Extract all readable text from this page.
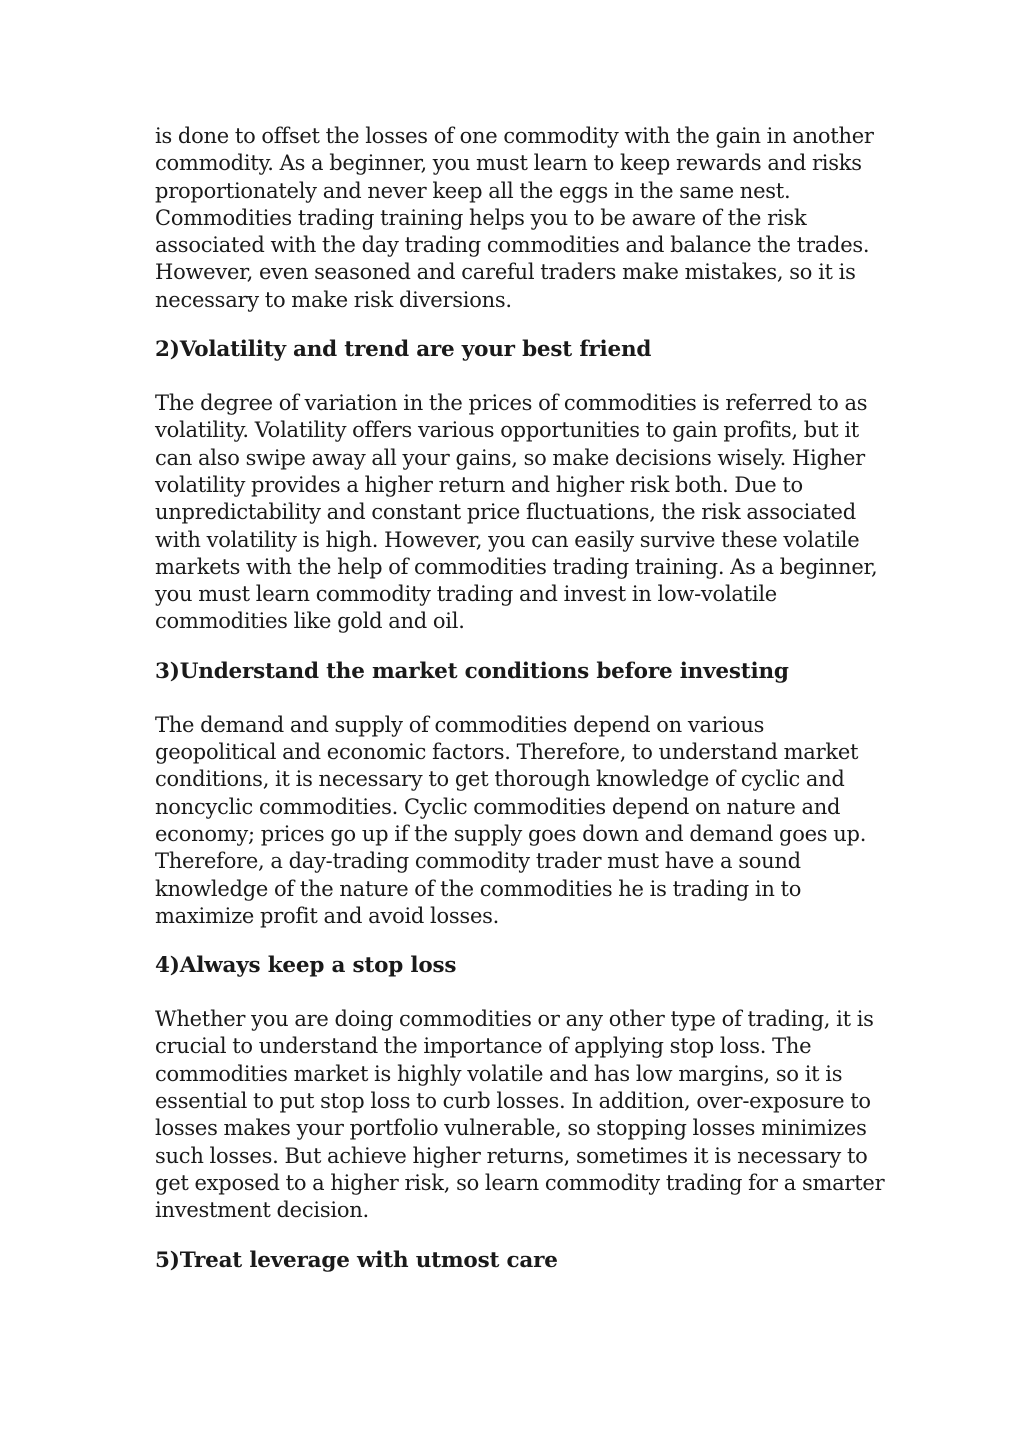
is done to offset the losses of one commodity with the gain in another commodity. As a beginner, you must learn to keep rewards and risks proportionately and never keep all the eggs in the same nest. Commodities trading training helps you to be aware of the risk associated with the day trading commodities and balance the trades. However, even seasoned and careful traders make mistakes, so it is necessary to make risk diversions.

2)Volatility and trend are your best friend

The degree of variation in the prices of commodities is referred to as volatility. Volatility offers various opportunities to gain profits, but it can also swipe away all your gains, so make decisions wisely. Higher volatility provides a higher return and higher risk both. Due to unpredictability and constant price fluctuations, the risk associated with volatility is high. However, you can easily survive these volatile markets with the help of commodities trading training. As a beginner, you must learn commodity trading and invest in low-volatile commodities like gold and oil.

3)Understand the market conditions before investing

The demand and supply of commodities depend on various geopolitical and economic factors. Therefore, to understand market conditions, it is necessary to get thorough knowledge of cyclic and noncyclic commodities. Cyclic commodities depend on nature and economy; prices go up if the supply goes down and demand goes up. Therefore, a day-trading commodity trader must have a sound knowledge of the nature of the commodities he is trading in to maximize profit and avoid losses.

4)Always keep a stop loss

Whether you are doing commodities or any other type of trading, it is crucial to understand the importance of applying stop loss. The commodities market is highly volatile and has low margins, so it is essential to put stop loss to curb losses. In addition, over-exposure to losses makes your portfolio vulnerable, so stopping losses minimizes such losses. But achieve higher returns, sometimes it is necessary to get exposed to a higher risk, so learn commodity trading for a smarter investment decision.

5)Treat leverage with utmost care
